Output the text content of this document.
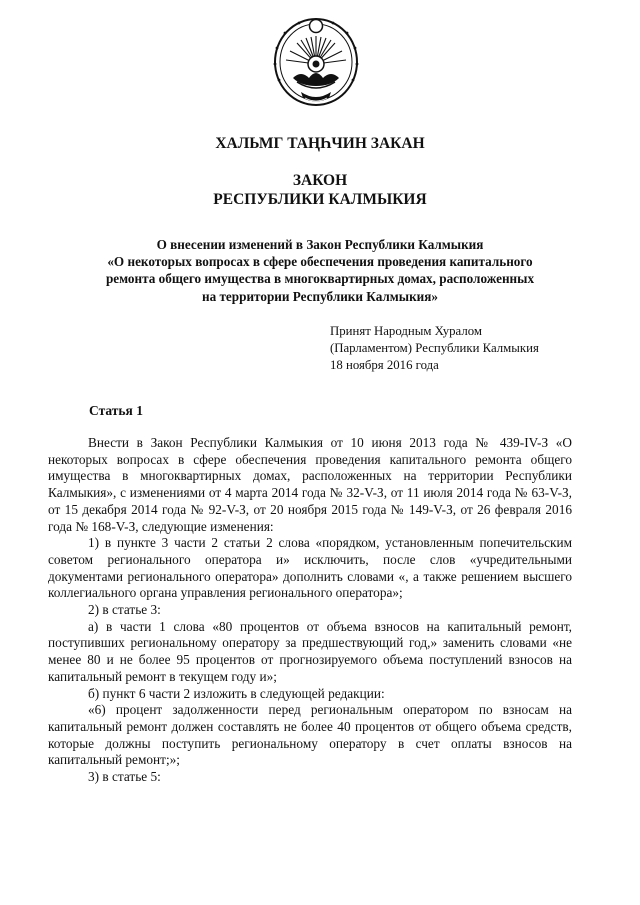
ХАЛЬМГ ТАҢҺЧИН ЗАКАН
ЗАКОН
РЕСПУБЛИКИ КАЛМЫКИЯ
О внесении изменений в Закон Республики Калмыкия
«О некоторых вопросах в сфере обеспечения проведения капитального
ремонта общего имущества в многоквартирных домах, расположенных
на территории Республики Калмыкия»
Принят Народным Хуралом
(Парламентом) Республики Калмыкия
18 ноября 2016 года
Статья 1

Внести в Закон Республики Калмыкия от 10 июня 2013 года № 439-IV-З «О некоторых вопросах в сфере обеспечения проведения капитального ремонта общего имущества в многоквартирных домах, расположенных на территории Республики Калмыкия», с изменениями от 4 марта 2014 года № 32-V-З, от 11 июля 2014 года № 63-V-З, от 15 декабря 2014 года № 92-V-З, от 20 ноября 2015 года № 149-V-З, от 26 февраля 2016 года № 168-V-З, следующие изменения:

1) в пункте 3 части 2 статьи 2 слова «порядком, установленным попечительским советом регионального оператора и» исключить, после слов «учредительными документами регионального оператора» дополнить словами «, а также решением высшего коллегиального органа управления регионального оператора»;

2) в статье 3:

а) в части 1 слова «80 процентов от объема взносов на капитальный ремонт, поступивших региональному оператору за предшествующий год,» заменить словами «не менее 80 и не более 95 процентов от прогнозируемого объема поступлений взносов на капитальный ремонт в текущем году и»;

б) пункт 6 части 2 изложить в следующей редакции:

«6) процент задолженности перед региональным оператором по взносам на капитальный ремонт должен составлять не более 40 процентов от общего объема средств, которые должны поступить региональному оператору в счет оплаты взносов на капитальный ремонт;»;

3) в статье 5:
